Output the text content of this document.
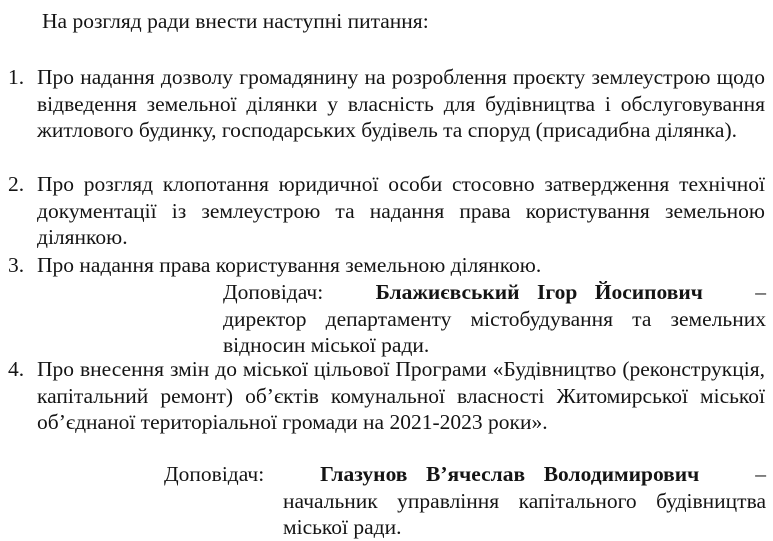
На розгляд ради внести наступні питання:
1. Про надання дозволу громадянину на розроблення проєкту землеустрою щодо відведення земельної ділянки у власність для будівництва і обслуговування житлового будинку, господарських будівель та споруд (присадибна ділянка).
2. Про розгляд клопотання юридичної особи стосовно затвердження технічної документації із землеустрою та надання права користування земельною ділянкою.
3. Про надання права користування земельною ділянкою.
4. Про внесення змін до міської цільової Програми «Будівництво (реконструкція, капітальний ремонт) об’єктів комунальної власності Житомирської міської об’єднаної територіальної громади на 2021-2023 роки».
Доповідач: Блажиєвський Ігор Йосипович –
директор департаменту містобудування та земельних відносин міської ради.
Доповідач:	Глазунов В’ячеслав Володимирович	–
начальник управління капітального будівництва міської ради.
